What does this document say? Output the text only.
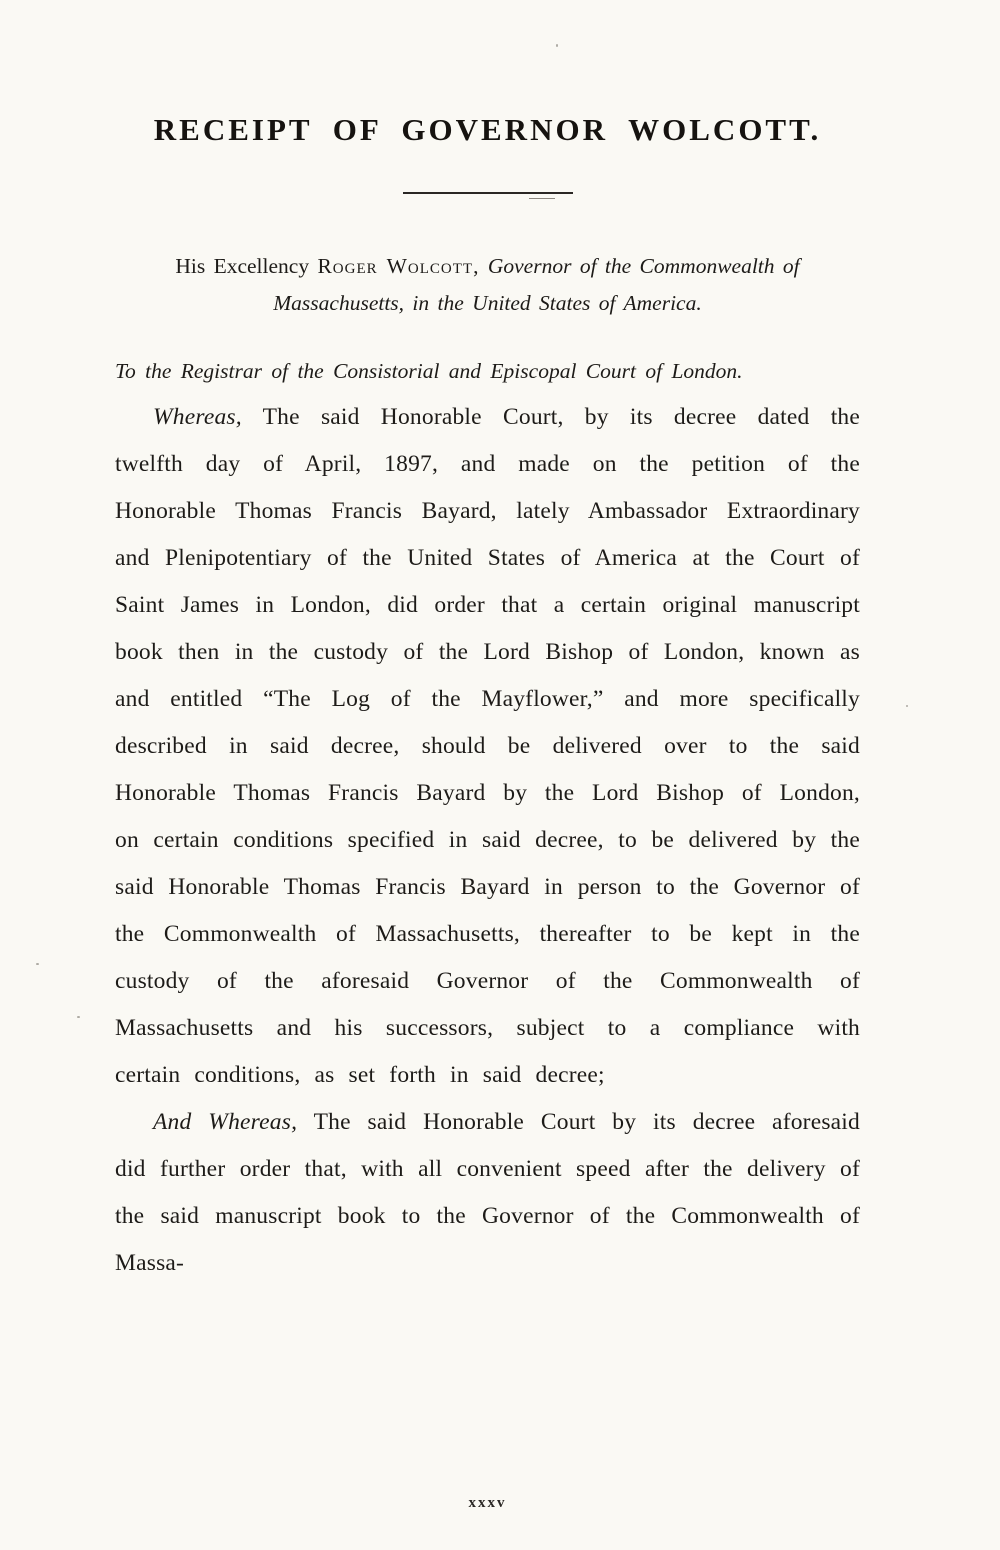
RECEIPT OF GOVERNOR WOLCOTT.
His Excellency Roger Wolcott, Governor of the Commonwealth of Massachusetts, in the United States of America.

To the Registrar of the Consistorial and Episcopal Court of London.

Whereas, The said Honorable Court, by its decree dated the twelfth day of April, 1897, and made on the petition of the Honorable Thomas Francis Bayard, lately Ambassador Extraordinary and Plenipotentiary of the United States of America at the Court of Saint James in London, did order that a certain original manuscript book then in the custody of the Lord Bishop of London, known as and entitled “The Log of the Mayflower,” and more specifically described in said decree, should be delivered over to the said Honorable Thomas Francis Bayard by the Lord Bishop of London, on certain conditions specified in said decree, to be delivered by the said Honorable Thomas Francis Bayard in person to the Governor of the Commonwealth of Massachusetts, thereafter to be kept in the custody of the aforesaid Governor of the Commonwealth of Massachusetts and his successors, subject to a compliance with certain conditions, as set forth in said decree;

And Whereas, The said Honorable Court by its decree aforesaid did further order that, with all convenient speed after the delivery of the said manuscript book to the Governor of the Commonwealth of Massa-

xxxv
